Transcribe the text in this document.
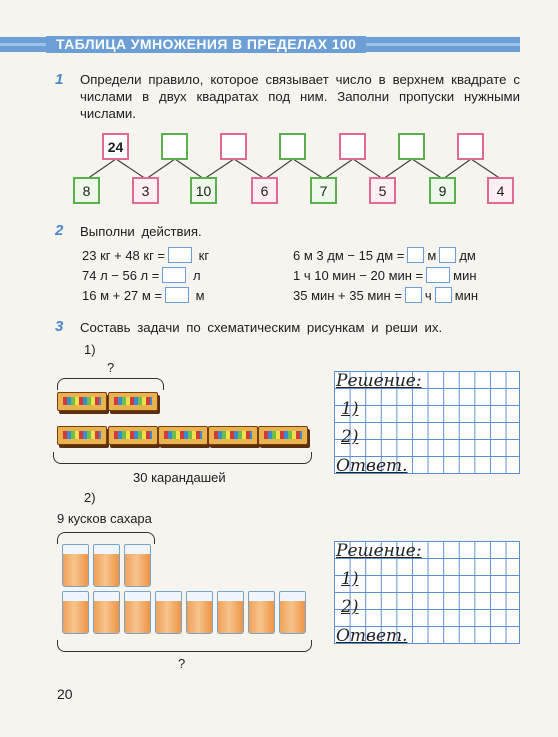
ТАБЛИЦА УМНОЖЕНИЯ В ПРЕДЕЛАХ 100
1 Определи правило, которое связывает число в верхнем квадрате с числами в двух квадратах под ним. Заполни пропуски нужными числами.
24
8	3	10	6	7	5	9	4
2 Выполни действия.
23 кг + 48 кг =	кг
74 л − 56 л =	л
16 м + 27 м =	м
6 м 3 дм − 15 дм = м дм
1 ч 10 мин − 20 мин = мин
35 мин + 35 мин = ч мин
3 Составь задачи по схематическим рисункам и реши их.
1)
?
30 карандашей
Решение:
1)
2)
Ответ.
2)
9 кусков сахара
?
Решение:
1)
2)
Ответ.
20
